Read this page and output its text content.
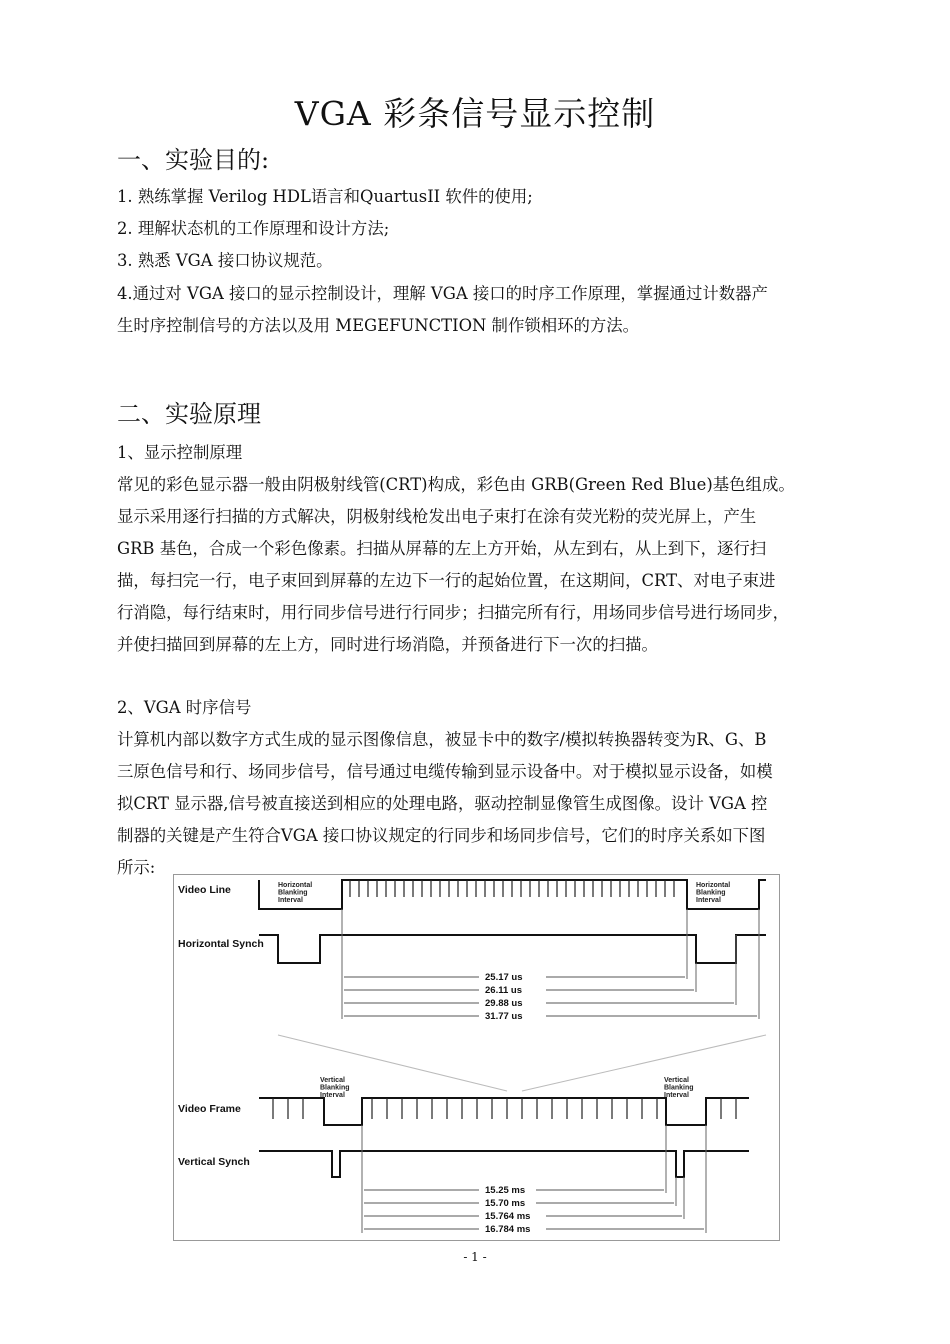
VGA 彩条信号显示控制
一、实验目的:
1. 熟练掌握 Verilog HDL语言和QuartusII 软件的使用;
2. 理解状态机的工作原理和设计方法;
3. 熟悉 VGA 接口协议规范。
4.通过对 VGA 接口的显示控制设计，理解 VGA 接口的时序工作原理，掌握通过计数器产
生时序控制信号的方法以及用 MEGEFUNCTION 制作锁相环的方法。
二、实验原理
1、显示控制原理
常见的彩色显示器一般由阴极射线管(CRT)构成，彩色由 GRB(Green Red Blue)基色组成。
显示采用逐行扫描的方式解决，阴极射线枪发出电子束打在涂有荧光粉的荧光屏上，产生
GRB 基色，合成一个彩色像素。扫描从屏幕的左上方开始，从左到右，从上到下，逐行扫
描，每扫完一行，电子束回到屏幕的左边下一行的起始位置，在这期间，CRT、对电子束进
行消隐，每行结束时，用行同步信号进行行同步；扫描完所有行，用场同步信号进行场同步，
并使扫描回到屏幕的左上方，同时进行场消隐，并预备进行下一次的扫描。
2、VGA 时序信号
计算机内部以数字方式生成的显示图像信息，被显卡中的数字/模拟转换器转变为R、G、B
三原色信号和行、场同步信号，信号通过电缆传输到显示设备中。对于模拟显示设备，如模
拟CRT 显示器,信号被直接送到相应的处理电路，驱动控制显像管生成图像。设计 VGA 控
制器的关键是产生符合VGA 接口协议规定的行同步和场同步信号，它们的时序关系如下图
所示:
Video Line
Horizontal Synch
Video Frame
Vertical Synch
Horizontal Blanking Interval
Horizontal Blanking Interval
Vertical Blanking Interval
Vertical Blanking Interval
25.17 us
26.11 us
29.88 us
31.77 us
15.25 ms
15.70 ms
15.764 ms
16.784 ms
- 1 -
